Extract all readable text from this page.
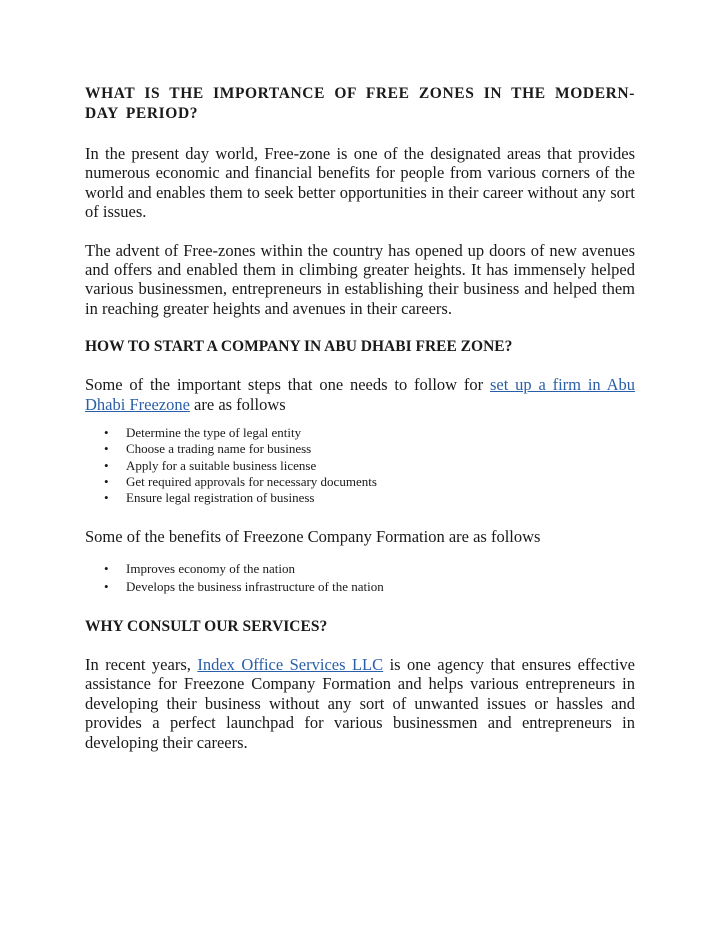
WHAT IS THE IMPORTANCE OF FREE ZONES IN THE MODERN-DAY PERIOD?

In the present day world, Free-zone is one of the designated areas that provides numerous economic and financial benefits for people from various corners of the world and enables them to seek better opportunities in their career without any sort of issues.

The advent of Free-zones within the country has opened up doors of new avenues and offers and enabled them in climbing greater heights. It has immensely helped various businessmen, entrepreneurs in establishing their business and helped them in reaching greater heights and avenues in their careers.

HOW TO START A COMPANY IN ABU DHABI FREE ZONE?

Some of the important steps that one needs to follow for set up a firm in Abu Dhabi Freezone are as follows

• Determine the type of legal entity
• Choose a trading name for business
• Apply for a suitable business license
• Get required approvals for necessary documents
• Ensure legal registration of business

Some of the benefits of Freezone Company Formation are as follows

• Improves economy of the nation
• Develops the business infrastructure of the nation
WHY CONSULT OUR SERVICES?

In recent years, Index Office Services LLC is one agency that ensures effective assistance for Freezone Company Formation and helps various entrepreneurs in developing their business without any sort of unwanted issues or hassles and provides a perfect launchpad for various businessmen and entrepreneurs in developing their careers.
